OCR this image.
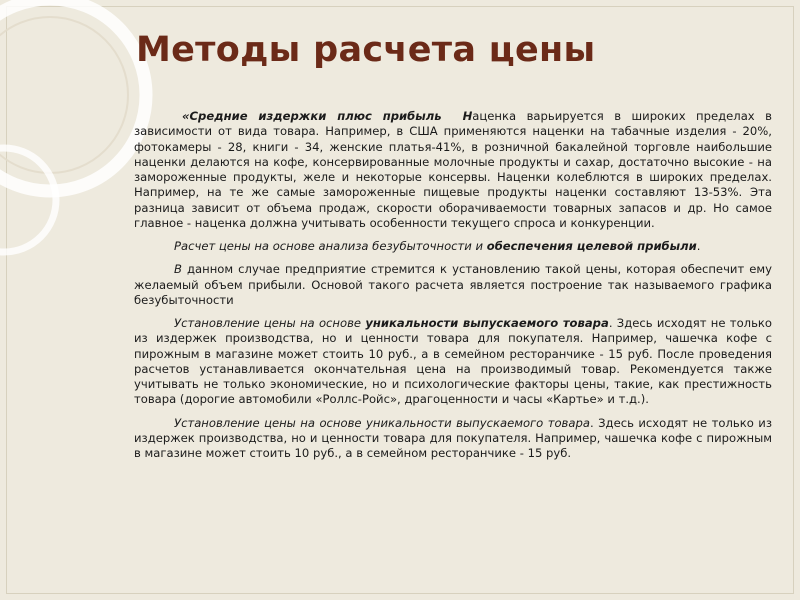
Методы расчета цены

«Средние издержки плюс прибыль Наценка варьируется в широких пределах в зависимости от вида товара. Например, в США применяются наценки на табачные изделия - 20%, фотокамеры - 28, книги - 34, женские платья-41%, в розничной бакалейной торговле наибольшие наценки делаются на кофе, консервированные молочные продукты и сахар, достаточно высокие - на замороженные продукты, желе и некоторые консервы. Наценки колеблются в широких пределах. Например, на те же самые замороженные пищевые продукты наценки составляют 13-53%. Эта разница зависит от объема продаж, скорости оборачиваемости товарных запасов и др. Но самое главное - наценка должна учитывать особенности текущего спроса и конкуренции.

Расчет цены на основе анализа безубыточности и обеспечения целевой прибыли.

В данном случае предприятие стремится к установлению такой цены, которая обеспечит ему желаемый объем прибыли. Основой такого расчета является построение так называемого графика безубыточности

Установление цены на основе уникальности выпускаемого товара. Здесь исходят не только из издержек производства, но и ценности товара для покупателя. Например, чашечка кофе с пирожным в магазине может стоить 10 руб., а в семейном ресторанчике - 15 руб. После проведения расчетов устанавливается окончательная цена на производимый товар. Рекомендуется также учитывать не только экономические, но и психологические факторы цены, такие, как престижность товара (дорогие автомобили «Роллс-Ройс», драгоценности и часы «Картье» и т.д.).

Установление цены на основе уникальности выпускаемого товара. Здесь исходят не только из издержек производства, но и ценности товара для покупателя. Например, чашечка кофе с пирожным в магазине может стоить 10 руб., а в семейном ресторанчике - 15 руб.
